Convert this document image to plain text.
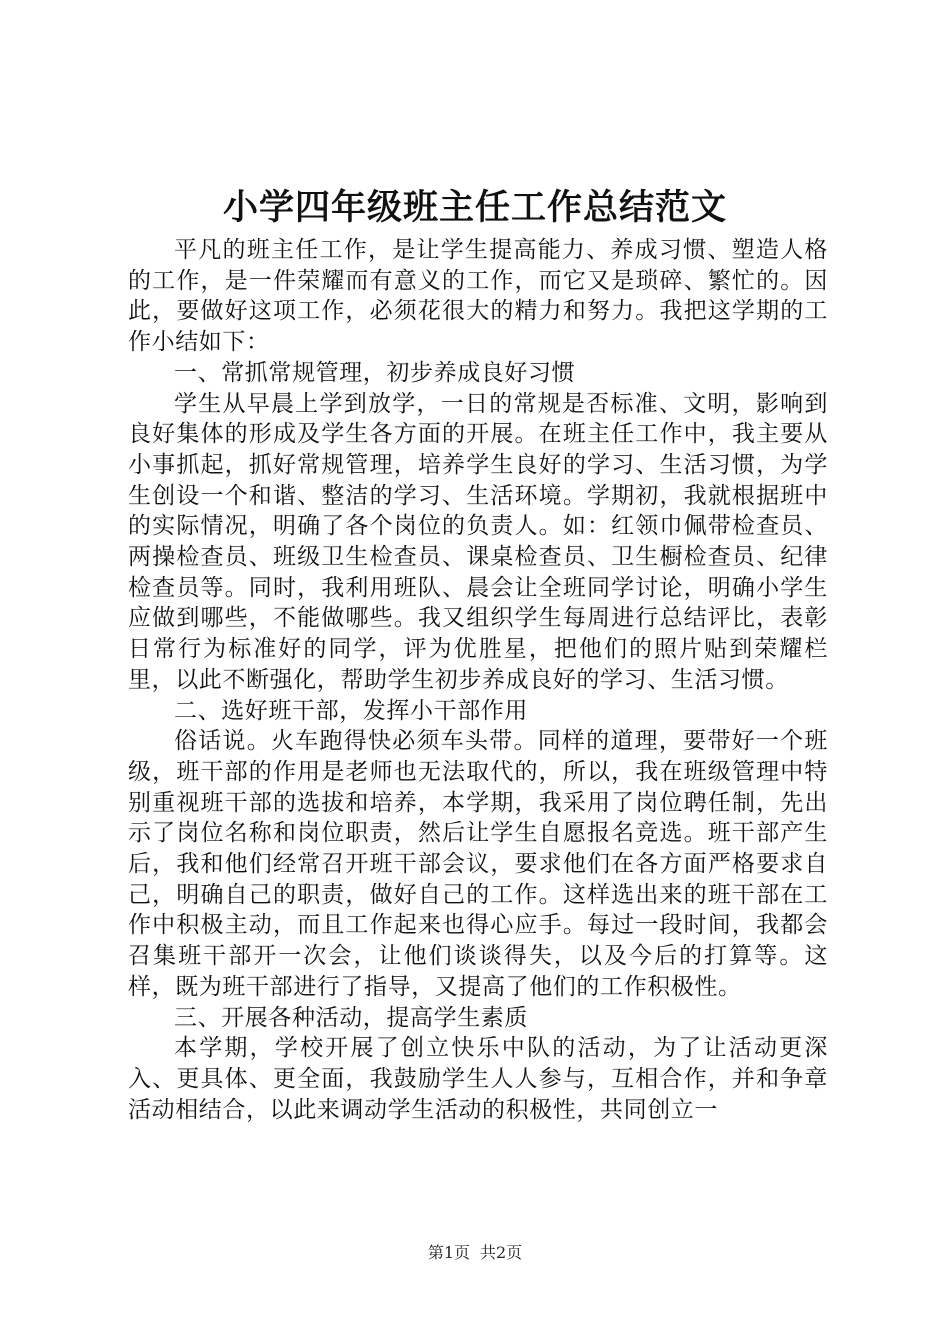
小学四年级班主任工作总结范文

平凡的班主任工作，是让学生提高能力、养成习惯、塑造人格的工作，是一件荣耀而有意义的工作，而它又是琐碎、繁忙的。因此，要做好这项工作，必须花很大的精力和努力。我把这学期的工作小结如下：

一、常抓常规管理，初步养成良好习惯

学生从早晨上学到放学，一日的常规是否标准、文明，影响到良好集体的形成及学生各方面的开展。在班主任工作中，我主要从小事抓起，抓好常规管理，培养学生良好的学习、生活习惯，为学生创设一个和谐、整洁的学习、生活环境。学期初，我就根据班中的实际情况，明确了各个岗位的负责人。如：红领巾佩带检查员、两操检查员、班级卫生检查员、课桌检查员、卫生橱检查员、纪律检查员等。同时，我利用班队、晨会让全班同学讨论，明确小学生应做到哪些，不能做哪些。我又组织学生每周进行总结评比，表彰日常行为标准好的同学，评为优胜星，把他们的照片贴到荣耀栏里，以此不断强化，帮助学生初步养成良好的学习、生活习惯。

二、选好班干部，发挥小干部作用

俗话说。火车跑得快必须车头带。同样的道理，要带好一个班级，班干部的作用是老师也无法取代的，所以，我在班级管理中特别重视班干部的选拔和培养，本学期，我采用了岗位聘任制，先出示了岗位名称和岗位职责，然后让学生自愿报名竞选。班干部产生后，我和他们经常召开班干部会议，要求他们在各方面严格要求自己，明确自己的职责，做好自己的工作。这样选出来的班干部在工作中积极主动，而且工作起来也得心应手。每过一段时间，我都会召集班干部开一次会，让他们谈谈得失，以及今后的打算等。这样，既为班干部进行了指导，又提高了他们的工作积极性。

三、开展各种活动，提高学生素质

本学期，学校开展了创立快乐中队的活动，为了让活动更深入、更具体、更全面，我鼓励学生人人参与，互相合作，并和争章活动相结合，以此来调动学生活动的积极性，共同创立一

第1页 共2页
